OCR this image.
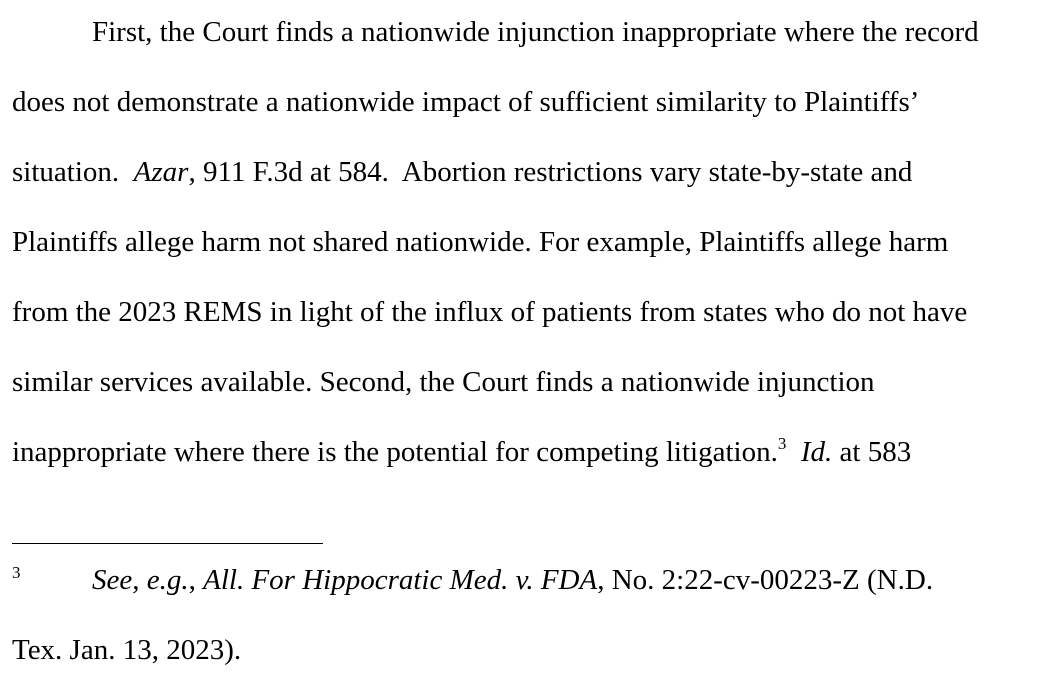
First, the Court finds a nationwide injunction inappropriate where the record
does not demonstrate a nationwide impact of sufficient similarity to Plaintiffs’
situation.  Azar, 911 F.3d at 584.  Abortion restrictions vary state-by-state and
Plaintiffs allege harm not shared nationwide. For example, Plaintiffs allege harm
from the 2023 REMS in light of the influx of patients from states who do not have
similar services available. Second, the Court finds a nationwide injunction
inappropriate where there is the potential for competing litigation.$^3$ Id. at 583
3 See, e.g., All. For Hippocratic Med. v. FDA, No. 2:22-cv-00223-Z (N.D.
Tex. Jan. 13, 2023).
